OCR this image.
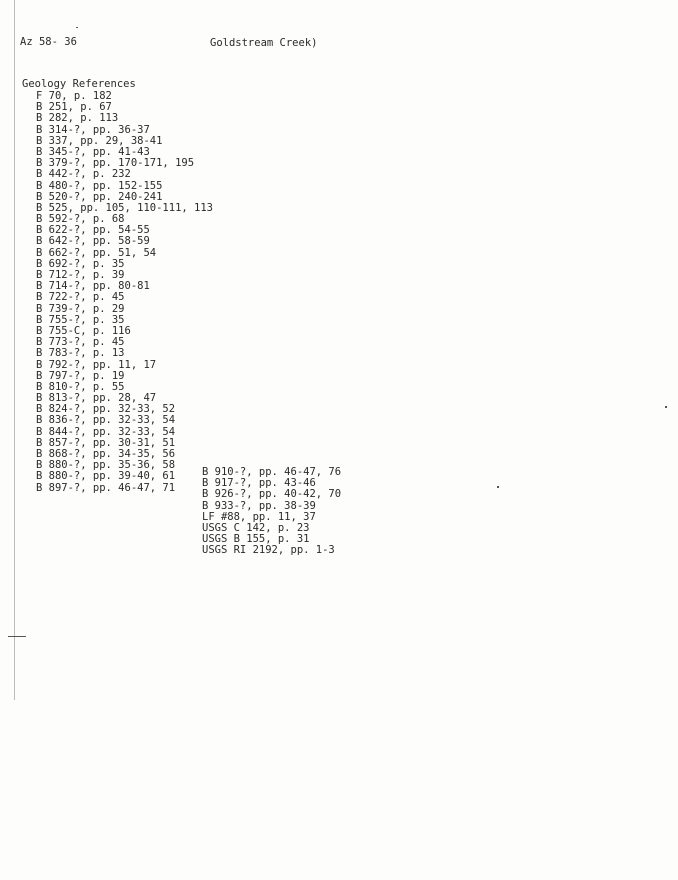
Az 58- 36	Goldstream Creek)
Geology References
F 70, p. 182
B 251, p. 67
B 282, p. 113
B 314-?, pp. 36-37
B 337, pp. 29, 38-41
B 345-?, pp. 41-43
B 379-?, pp. 170-171, 195
B 442-?, p. 232
B 480-?, pp. 152-155
B 520-?, pp. 240-241
B 525, pp. 105, 110-111, 113
B 592-?, p. 68
B 622-?, pp. 54-55
B 642-?, pp. 58-59
B 662-?, pp. 51, 54
B 692-?, p. 35
B 712-?, p. 39
B 714-?, pp. 80-81
B 722-?, p. 45
B 739-?, p. 29
B 755-?, p. 35
B 755-C, p. 116
B 773-?, p. 45
B 783-?, p. 13
B 792-?, pp. 11, 17
B 797-?, p. 19
B 810-?, p. 55
B 813-?, pp. 28, 47
B 824-?, pp. 32-33, 52
B 836-?, pp. 32-33, 54
B 844-?, pp. 32-33, 54
B 857-?, pp. 30-31, 51
B 868-?, pp. 34-35, 56
B 880-?, pp. 35-36, 58
B 880-?, pp. 39-40, 61
B 897-?, pp. 46-47, 71
B 910-?, pp. 46-47, 76
B 917-?, pp. 43-46
B 926-?, pp. 40-42, 70
B 933-?, pp. 38-39
LF #88, pp. 11, 37
USGS C 142, p. 23
USGS B 155, p. 31
USGS RI 2192, pp. 1-3
